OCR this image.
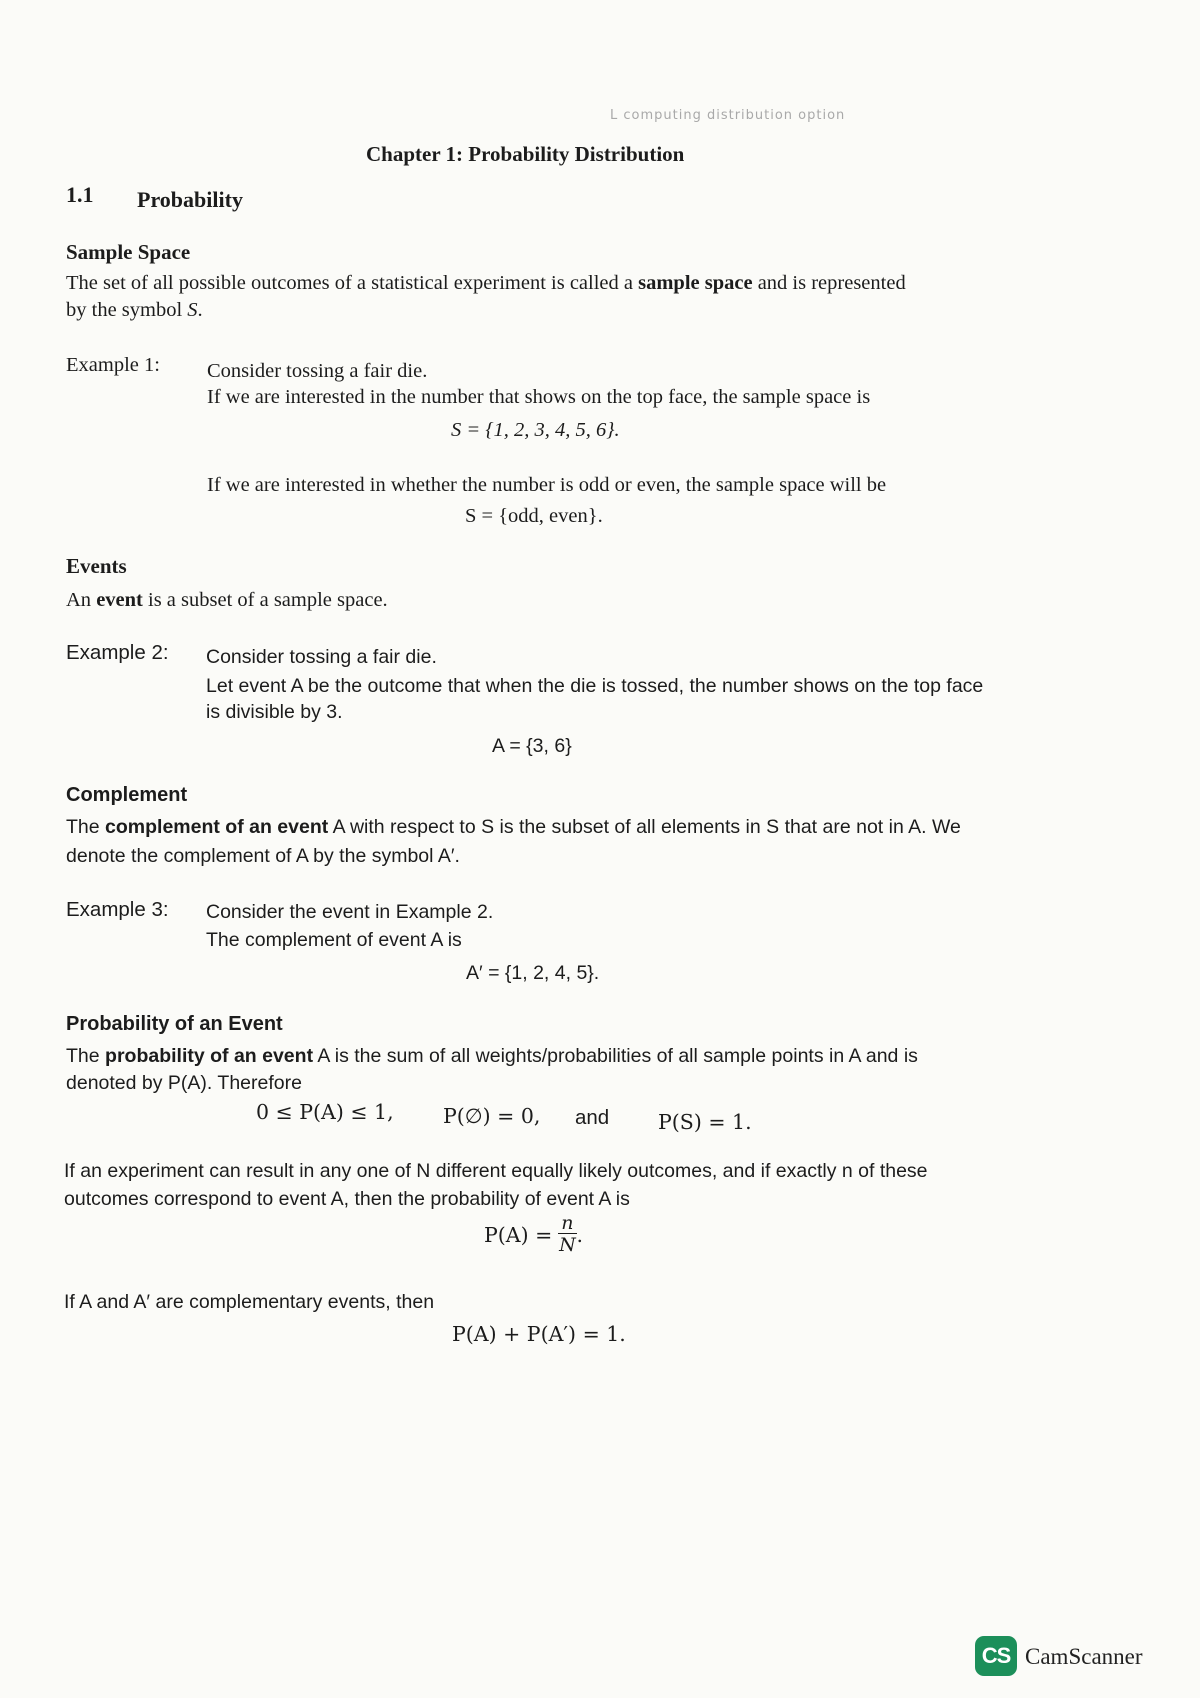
L computing distribution option
Chapter 1: Probability Distribution
1.1 Probability
Sample Space
The set of all possible outcomes of a statistical experiment is called a sample space and is represented
by the symbol S.
Example 1: Consider tossing a fair die.
If we are interested in the number that shows on the top face, the sample space is
S = {1, 2, 3, 4, 5, 6}.
If we are interested in whether the number is odd or even, the sample space will be
S = {odd, even}.
Events
An event is a subset of a sample space.
Example 2: Consider tossing a fair die.
Let event A be the outcome that when the die is tossed, the number shows on the top face
is divisible by 3.
A = {3, 6}
Complement
The complement of an event A with respect to S is the subset of all elements in S that are not in A. We
denote the complement of A by the symbol A′.
Example 3: Consider the event in Example 2.
The complement of event A is
A′ = {1, 2, 4, 5}.
Probability of an Event
The probability of an event A is the sum of all weights/probabilities of all sample points in A and is
denoted by P(A). Therefore
0 ≤ P(A) ≤ 1, P(∅) = 0, and P(S) = 1.
If an experiment can result in any one of N different equally likely outcomes, and if exactly n of these
outcomes correspond to event A, then the probability of event A is
$P(A) = \frac{n}{N}$ .
If A and A′ are complementary events, then
P(A) + P(A′) = 1.
CS CamScanner
